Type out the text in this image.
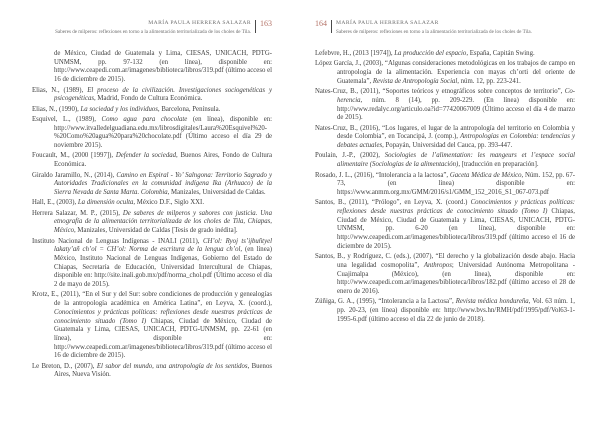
MARÍA PAULA HERRERA SALAZAR
Saberes de milperos: reflexiones en torno a la alimentación territorializada de los choles de Tila.
163

de México, Ciudad de Guatemala y Lima, CIESAS, UNICACH, PDTG-UNMSM, pp. 97-132 (en línea), disponible en: http://www.ceapedi.com.ar/imagenes/biblioteca/libros/319.pdf (último acceso el 16 de diciembre de 2015).

Elias, N., (1989), El proceso de la civilización. Investigaciones sociogenéticas y psicogenéticas, Madrid, Fondo de Cultura Económica.

Elias, N., (1990), La sociedad y los individuos, Barcelona, Península.

Esquivel, L., (1989), Como agua para chocolate (en línea), disponible en: http://www.itvalledelguadiana.edu.mx/librosdigitales/Laura%20Esquivel%20-%20Como%20agua%20para%20chocolate.pdf (Último acceso el día 29 de noviembre 2015).

Foucault, M., (2000 [1997]), Defender la sociedad, Buenos Aires, Fondo de Cultura Económica.

Giraldo Jaramillo, N., (2014), Camino en Espiral - Yo’ Salngona: Territorio Sagrado y Autoridades Tradicionales en la comunidad indígena Ika (Arhuaco) de la Sierra Nevada de Santa Marta. Colombia, Manizales, Universidad de Caldas.

Hall, E., (2003), La dimensión oculta, México D.F., Siglo XXI.

Herrera Salazar, M. P., (2015), De saberes de milperos y sabores con justicia. Una etnografía de la alimentación territorializada de los choles de Tila, Chiapas, México, Manizales, Universidad de Caldas [Tesis de grado inédita].

Instituto Nacional de Lenguas Indígenas - INALI (2011), CH’ol: Ryoj ts’ijbuñtyel lakaty’añ ch’ol = CH’ol: Norma de escritura de la lengua ch’ol, (en línea) México, Instituto Nacional de Lenguas Indígenas, Gobierno del Estado de Chiapas, Secretaría de Educación, Universidad Intercultural de Chiapas, disponible en: http://site.inali.gob.mx/pdf/norma_chol.pdf (Último acceso el día 2 de mayo de 2015).

Krotz, E., (2011), “En el Sur y del Sur: sobre condiciones de producción y genealogías de la antropología académica en América Latina”, en Leyva, X. (coord.), Conocimientos y prácticas políticas: reflexiones desde nuestras prácticas de conocimiento situado (Tomo I) Chiapas, Ciudad de México, Ciudad de Guatemala y Lima, CIESAS, UNICACH, PDTG-UNMSM, pp. 22-61 (en línea), disponible en: http://www.ceapedi.com.ar/imagenes/biblioteca/libros/319.pdf (último acceso el 16 de diciembre de 2015).

Le Breton, D., (2007), El sabor del mundo, una antropología de los sentidos, Buenos Aires, Nueva Visión.

164 MARÍA PAULA HERRERA SALAZAR
Saberes de milperos: reflexiones en torno a la alimentación territorializada de los choles de Tila.

Lefebvre, H., (2013 [1974]), La producción del espacio, España, Capitán Swing.

López García, J., (2003), “Algunas consideraciones metodológicas en los trabajos de campo en antropología de la alimentación. Experiencia con mayas ch’orti del oriente de Guatemala”, Revista de Antropología Social, núm. 12, pp. 223-241.

Nates-Cruz, B., (2011), “Soportes teóricos y etnográficos sobre conceptos de territorio”, Co-herencia, núm. 8 (14), pp. 209-229. (En línea) disponible en: http://www.redalyc.org/articulo.oa?id=77420067009 (Último acceso el día 4 de marzo de 2015).

Nates-Cruz, B., (2016), “Los lugares, el lugar de la antropología del territorio en Colombia y desde Colombia”, en Tocancipá, J. (comp.), Antropologías en Colombia: tendencias y debates actuales, Popayán, Universidad del Cauca, pp. 393-447.

Poulain, J.-P., (2002), Sociologies de l’alimentation: les mangeurs et l’espace social alimentaire (Sociologías de la alimentación), [traducción en preparación].

Rosado, J. L., (2016), “Intolerancia a la lactosa”, Gaceta Médica de México, Núm. 152, pp. 67-73, (en línea) disponible en: https://www.anmm.org.mx/GMM/2016/s1/GMM_152_2016_S1_067-073.pdf

Santos, B., (2011), “Prólogo”, en Leyva, X. (coord.) Conocimientos y prácticas políticas: reflexiones desde nuestras prácticas de conocimiento situado (Tomo I) Chiapas, Ciudad de México, Ciudad de Guatemala y Lima, CIESAS, UNICACH, PDTG-UNMSM, pp. 6-20 (en línea), disponible en: http://www.ceapedi.com.ar/imagenes/biblioteca/libros/319.pdf (último acceso el 16 de diciembre de 2015).

Santos, B., y Rodríguez, C. (eds.), (2007), “El derecho y la globalización desde abajo. Hacia una legalidad cosmopolita”, Anthropos; Universidad Autónoma Metropolitana - Cuajimalpa (México), (en línea), disponible en: http://www.ceapedi.com.ar/imagenes/biblioteca/libros/182.pdf (último acceso el 28 de enero de 2016).

Zúñiga, G. A., (1995), “Intolerancia a la Lactosa”, Revista médica hondureña, Vol. 63 núm. 1, pp. 20-23, (en línea) disponible en: http://www.bvs.hn/RMH/pdf/1995/pdf/Vol63-1-1995-6.pdf (último acceso el día 22 de junio de 2018).
